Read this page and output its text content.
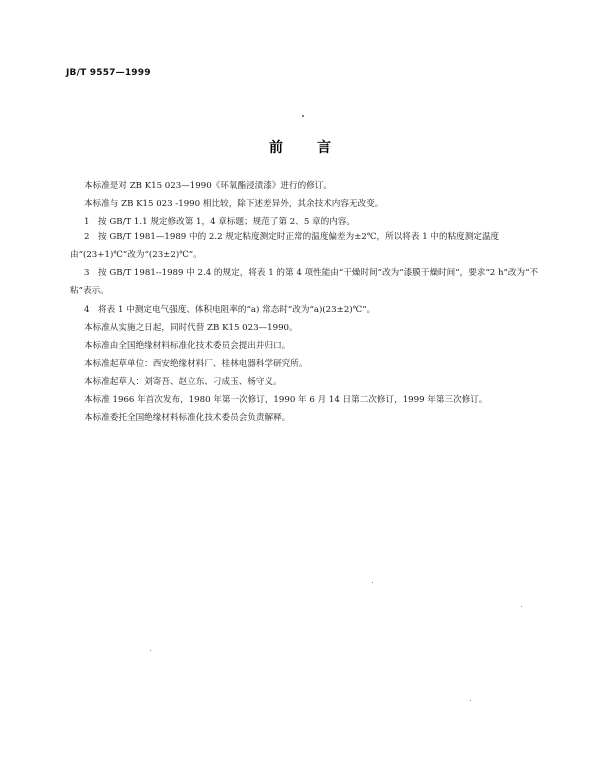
JB/T 9557—1999
前言
本标准是对 ZB K15 023—1990《环氧酯浸渍漆》进行的修订。
本标准与 ZB K15 023 -1990 相比较，除下述差异外，其余技术内容无改变。
1　按 GB/T 1.1 规定修改第 1，4 章标题；规范了第 2、5 章的内容。
2　按 GB/T 1981—1989 中的 2.2 规定粘度测定时正常的温度偏差为±2℃，所以将表 1 中的粘度测定温度由“(23+1)℃”改为“(23±2)℃”。
3　按 GB/T 1981--1989 中 2.4 的规定，将表 1 的第 4 项性能由“干燥时间”改为“漆膜干燥时间”，要求“2 h”改为“不粘”表示。
4　将表 1 中测定电气强度、体积电阻率的“a) 常态时”改为“a)(23±2)℃”。
本标准从实施之日起，同时代替 ZB K15 023—1990。
本标准由全国绝缘材料标准化技术委员会提出并归口。
本标准起草单位：西安绝缘材料厂、桂林电器科学研究所。
本标准起草人：刘寄吾、赵立东、刁成玉、杨守义。
本标准 1966 年首次发布，1980 年第一次修订，1990 年 6 月 14 日第二次修订，1999 年第三次修订。
本标准委托全国绝缘材料标准化技术委员会负责解释。
